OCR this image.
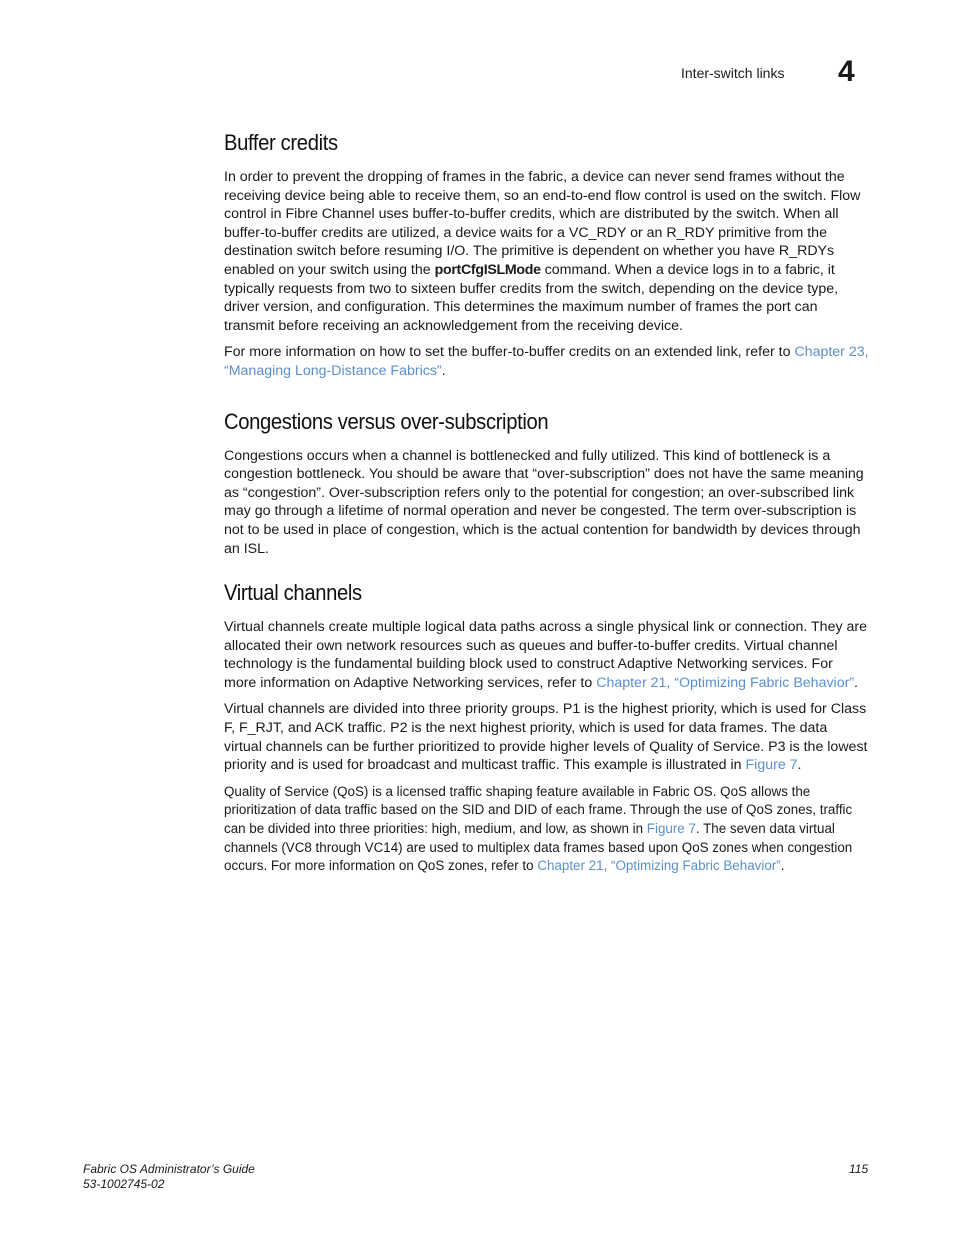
Inter-switch links 4
Buffer credits

In order to prevent the dropping of frames in the fabric, a device can never send frames without the receiving device being able to receive them, so an end-to-end flow control is used on the switch. Flow control in Fibre Channel uses buffer-to-buffer credits, which are distributed by the switch. When all buffer-to-buffer credits are utilized, a device waits for a VC_RDY or an R_RDY primitive from the destination switch before resuming I/O. The primitive is dependent on whether you have R_RDYs enabled on your switch using the portCfgISLMode command. When a device logs in to a fabric, it typically requests from two to sixteen buffer credits from the switch, depending on the device type, driver version, and configuration. This determines the maximum number of frames the port can transmit before receiving an acknowledgement from the receiving device.

For more information on how to set the buffer-to-buffer credits on an extended link, refer to Chapter 23, “Managing Long-Distance Fabrics”.

Congestions versus over-subscription

Congestions occurs when a channel is bottlenecked and fully utilized. This kind of bottleneck is a congestion bottleneck. You should be aware that “over-subscription” does not have the same meaning as “congestion”. Over-subscription refers only to the potential for congestion; an over-subscribed link may go through a lifetime of normal operation and never be congested. The term over-subscription is not to be used in place of congestion, which is the actual contention for bandwidth by devices through an ISL.

Virtual channels

Virtual channels create multiple logical data paths across a single physical link or connection. They are allocated their own network resources such as queues and buffer-to-buffer credits. Virtual channel technology is the fundamental building block used to construct Adaptive Networking services. For more information on Adaptive Networking services, refer to Chapter 21, “Optimizing Fabric Behavior”.

Virtual channels are divided into three priority groups. P1 is the highest priority, which is used for Class F, F_RJT, and ACK traffic. P2 is the next highest priority, which is used for data frames. The data virtual channels can be further prioritized to provide higher levels of Quality of Service. P3 is the lowest priority and is used for broadcast and multicast traffic. This example is illustrated in Figure 7.

Quality of Service (QoS) is a licensed traffic shaping feature available in Fabric OS. QoS allows the prioritization of data traffic based on the SID and DID of each frame. Through the use of QoS zones, traffic can be divided into three priorities: high, medium, and low, as shown in Figure 7. The seven data virtual channels (VC8 through VC14) are used to multiplex data frames based upon QoS zones when congestion occurs. For more information on QoS zones, refer to Chapter 21, “Optimizing Fabric Behavior”.

Fabric OS Administrator’s Guide
53-1002745-02
115
